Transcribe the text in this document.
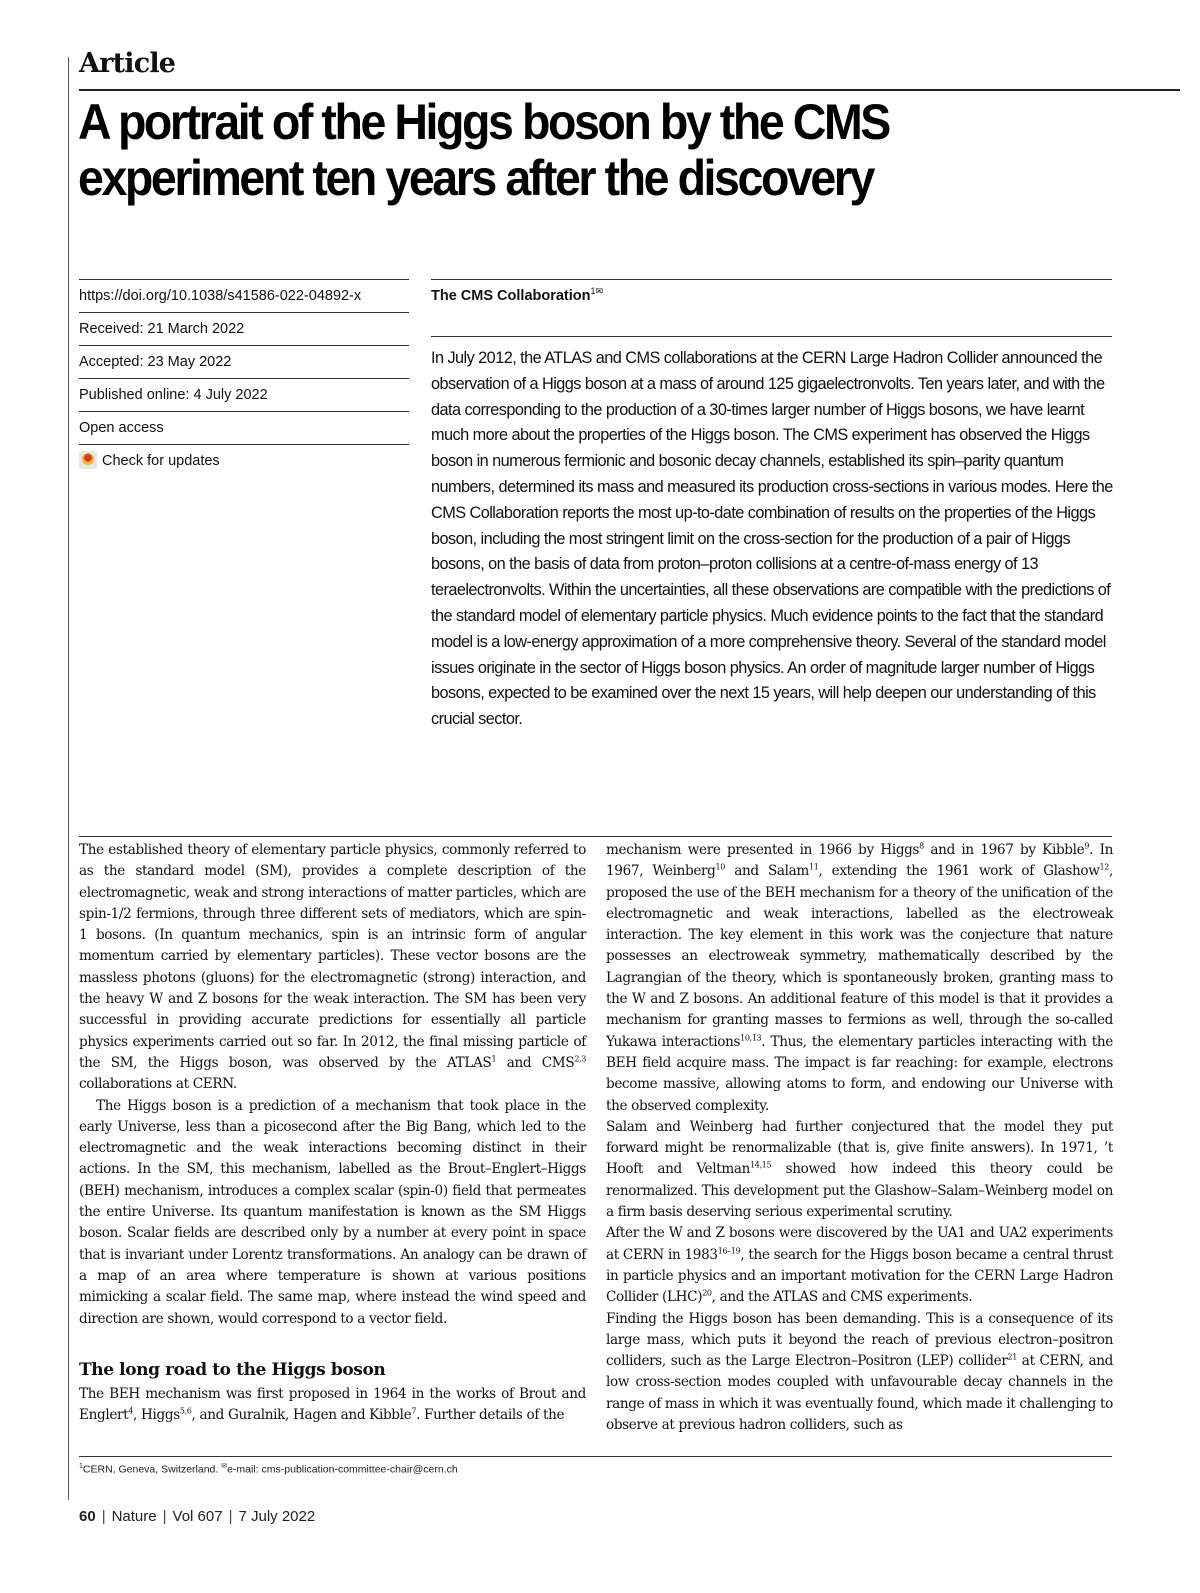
Article
A portrait of the Higgs boson by the CMS experiment ten years after the discovery
https://doi.org/10.1038/s41586-022-04892-x
Received: 21 March 2022
Accepted: 23 May 2022
Published online: 4 July 2022
Open access
Check for updates
The CMS Collaboration$^{1✉}$
In July 2012, the ATLAS and CMS collaborations at the CERN Large Hadron Collider announced the observation of a Higgs boson at a mass of around 125 gigaelectronvolts. Ten years later, and with the data corresponding to the production of a 30-times larger number of Higgs bosons, we have learnt much more about the properties of the Higgs boson. The CMS experiment has observed the Higgs boson in numerous fermionic and bosonic decay channels, established its spin–parity quantum numbers, determined its mass and measured its production cross-sections in various modes. Here the CMS Collaboration reports the most up-to-date combination of results on the properties of the Higgs boson, including the most stringent limit on the cross-section for the production of a pair of Higgs bosons, on the basis of data from proton–proton collisions at a centre-of-mass energy of 13 teraelectronvolts. Within the uncertainties, all these observations are compatible with the predictions of the standard model of elementary particle physics. Much evidence points to the fact that the standard model is a low-energy approximation of a more comprehensive theory. Several of the standard model issues originate in the sector of Higgs boson physics. An order of magnitude larger number of Higgs bosons, expected to be examined over the next 15 years, will help deepen our understanding of this crucial sector.

The established theory of elementary particle physics, commonly referred to as the standard model (SM), provides a complete description of the electromagnetic, weak and strong interactions of matter particles, which are spin-1/2 fermions, through three different sets of mediators, which are spin-1 bosons. (In quantum mechanics, spin is an intrinsic form of angular momentum carried by elementary particles). These vector bosons are the massless photons (gluons) for the electromagnetic (strong) interaction, and the heavy W and Z bosons for the weak interaction. The SM has been very successful in providing accurate predictions for essentially all particle physics experiments carried out so far. In 2012, the final missing particle of the SM, the Higgs boson, was observed by the ATLAS$^1$ and CMS$^{2,3}$ collaborations at CERN.

The Higgs boson is a prediction of a mechanism that took place in the early Universe, less than a picosecond after the Big Bang, which led to the electromagnetic and the weak interactions becoming distinct in their actions. In the SM, this mechanism, labelled as the Brout–Englert–Higgs (BEH) mechanism, introduces a complex scalar (spin-0) field that permeates the entire Universe. Its quantum manifestation is known as the SM Higgs boson. Scalar fields are described only by a number at every point in space that is invariant under Lorentz transformations. An analogy can be drawn of a map of an area where temperature is shown at various positions mimicking a scalar field. The same map, where instead the wind speed and direction are shown, would correspond to a vector field.

The long road to the Higgs boson

The BEH mechanism was first proposed in 1964 in the works of Brout and Englert$^4$, Higgs$^{5,6}$, and Guralnik, Hagen and Kibble$^7$. Further details of the

mechanism were presented in 1966 by Higgs$^8$ and in 1967 by Kibble$^9$. In 1967, Weinberg$^{10}$ and Salam$^{11}$, extending the 1961 work of Glashow$^{12}$, proposed the use of the BEH mechanism for a theory of the unification of the electromagnetic and weak interactions, labelled as the electroweak interaction. The key element in this work was the conjecture that nature possesses an electroweak symmetry, mathematically described by the Lagrangian of the theory, which is spontaneously broken, granting mass to the W and Z bosons. An additional feature of this model is that it provides a mechanism for granting masses to fermions as well, through the so-called Yukawa interactions$^{10,13}$. Thus, the elementary particles interacting with the BEH field acquire mass. The impact is far reaching: for example, electrons become massive, allowing atoms to form, and endowing our Universe with the observed complexity.

Salam and Weinberg had further conjectured that the model they put forward might be renormalizable (that is, give finite answers). In 1971, ’t Hooft and Veltman$^{14,15}$ showed how indeed this theory could be renormalized. This development put the Glashow–Salam–Weinberg model on a firm basis deserving serious experimental scrutiny.

After the W and Z bosons were discovered by the UA1 and UA2 experiments at CERN in 1983$^{16-19}$, the search for the Higgs boson became a central thrust in particle physics and an important motivation for the CERN Large Hadron Collider (LHC)$^{20}$, and the ATLAS and CMS experiments.

Finding the Higgs boson has been demanding. This is a consequence of its large mass, which puts it beyond the reach of previous electron–positron colliders, such as the Large Electron–Positron (LEP) collider$^{21}$ at CERN, and low cross-section modes coupled with unfavourable decay channels in the range of mass in which it was eventually found, which made it challenging to observe at previous hadron colliders, such as

$^1$CERN, Geneva, Switzerland. ✉e-mail: cms-publication-committee-chair@cern.ch
60 | Nature | Vol 607 | 7 July 2022
